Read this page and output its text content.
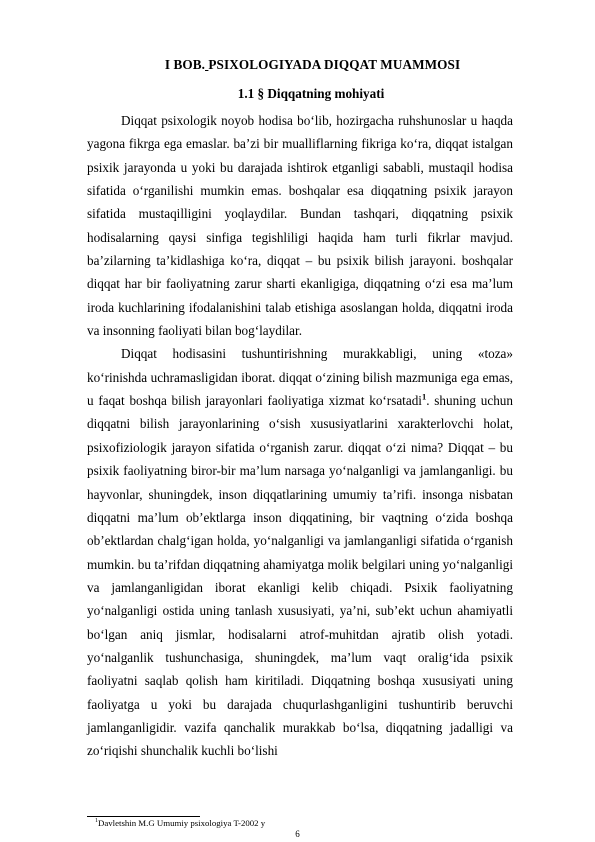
I BOB. PSIXOLOGIYADA DIQQAT MUAMMOSI
1.1 § Diqqatning mohiyati

Diqqat psixologik noyob hodisa bo‘lib, hozirgacha ruhshunoslar u haqda yagona fikrga ega emaslar. ba’zi bir mualliflarning fikriga ko‘ra, diqqat istalgan psixik jarayonda u yoki bu darajada ishtirok etganligi sababli, mustaqil hodisa sifatida o‘rganilishi mumkin emas. boshqalar esa diqqatning psixik jarayon sifatida mustaqilligini yoqlaydilar. Bundan tashqari, diqqatning psixik hodisalarning qaysi sinfiga tegishliligi haqida ham turli fikrlar mavjud. ba’zilarning ta’kidlashiga ko‘ra, diqqat – bu psixik bilish jarayoni. boshqalar diqqat har bir faoliyatning zarur sharti ekanligiga, diqqatning o‘zi esa ma’lum iroda kuchlarining ifodalanishini talab etishiga asoslangan holda, diqqatni iroda va insonning faoliyati bilan bog‘laydilar.

Diqqat hodisasini tushuntirishning murakkabligi, uning «toza» ko‘rinishda uchramasligidan iborat. diqqat o‘zining bilish mazmuniga ega emas, u faqat boshqa bilish jarayonlari faoliyatiga xizmat ko‘rsatadi$^1$. shuning uchun diqqatni bilish jarayonlarining o‘sish xususiyatlarini xarakterlovchi holat, psixofiziologik jarayon sifatida o‘rganish zarur. diqqat o‘zi nima? Diqqat – bu psixik faoliyatning biror-bir ma’lum narsaga yo‘nalganligi va jamlanganligi. bu hayvonlar, shuningdek, inson diqqatlarining umumiy ta’rifi. insonga nisbatan diqqatni ma’lum ob’ektlarga inson diqqatining, bir vaqtning o‘zida boshqa ob’ektlardan chalg‘igan holda, yo‘nalganligi va jamlanganligi sifatida o‘rganish mumkin. bu ta’rifdan diqqatning ahamiyatga molik belgilari uning yo‘nalganligi va jamlanganligidan iborat ekanligi kelib chiqadi. Psixik faoliyatning yo‘nalganligi ostida uning tanlash xususiyati, ya’ni, sub’ekt uchun ahamiyatli bo‘lgan aniq jismlar, hodisalarni atrof-muhitdan ajratib olish yotadi. yo‘nalganlik tushunchasiga, shuningdek, ma’lum vaqt ora​lig‘ida psixik faoliyatni saqlab qolish ham kiritiladi. Diqqatning boshqa xususiyati uning faoliyatga u yoki bu darajada chuqurlashganligini tushuntirib beruvchi jamlanganligidir. vazifa qanchalik murakkab bo‘lsa, diqqatning jadalligi va zo‘riqishi shunchalik kuchli bo‘lishi

$^1$Davletshin M.G Umumiy psixologiya T-2002 y
6
